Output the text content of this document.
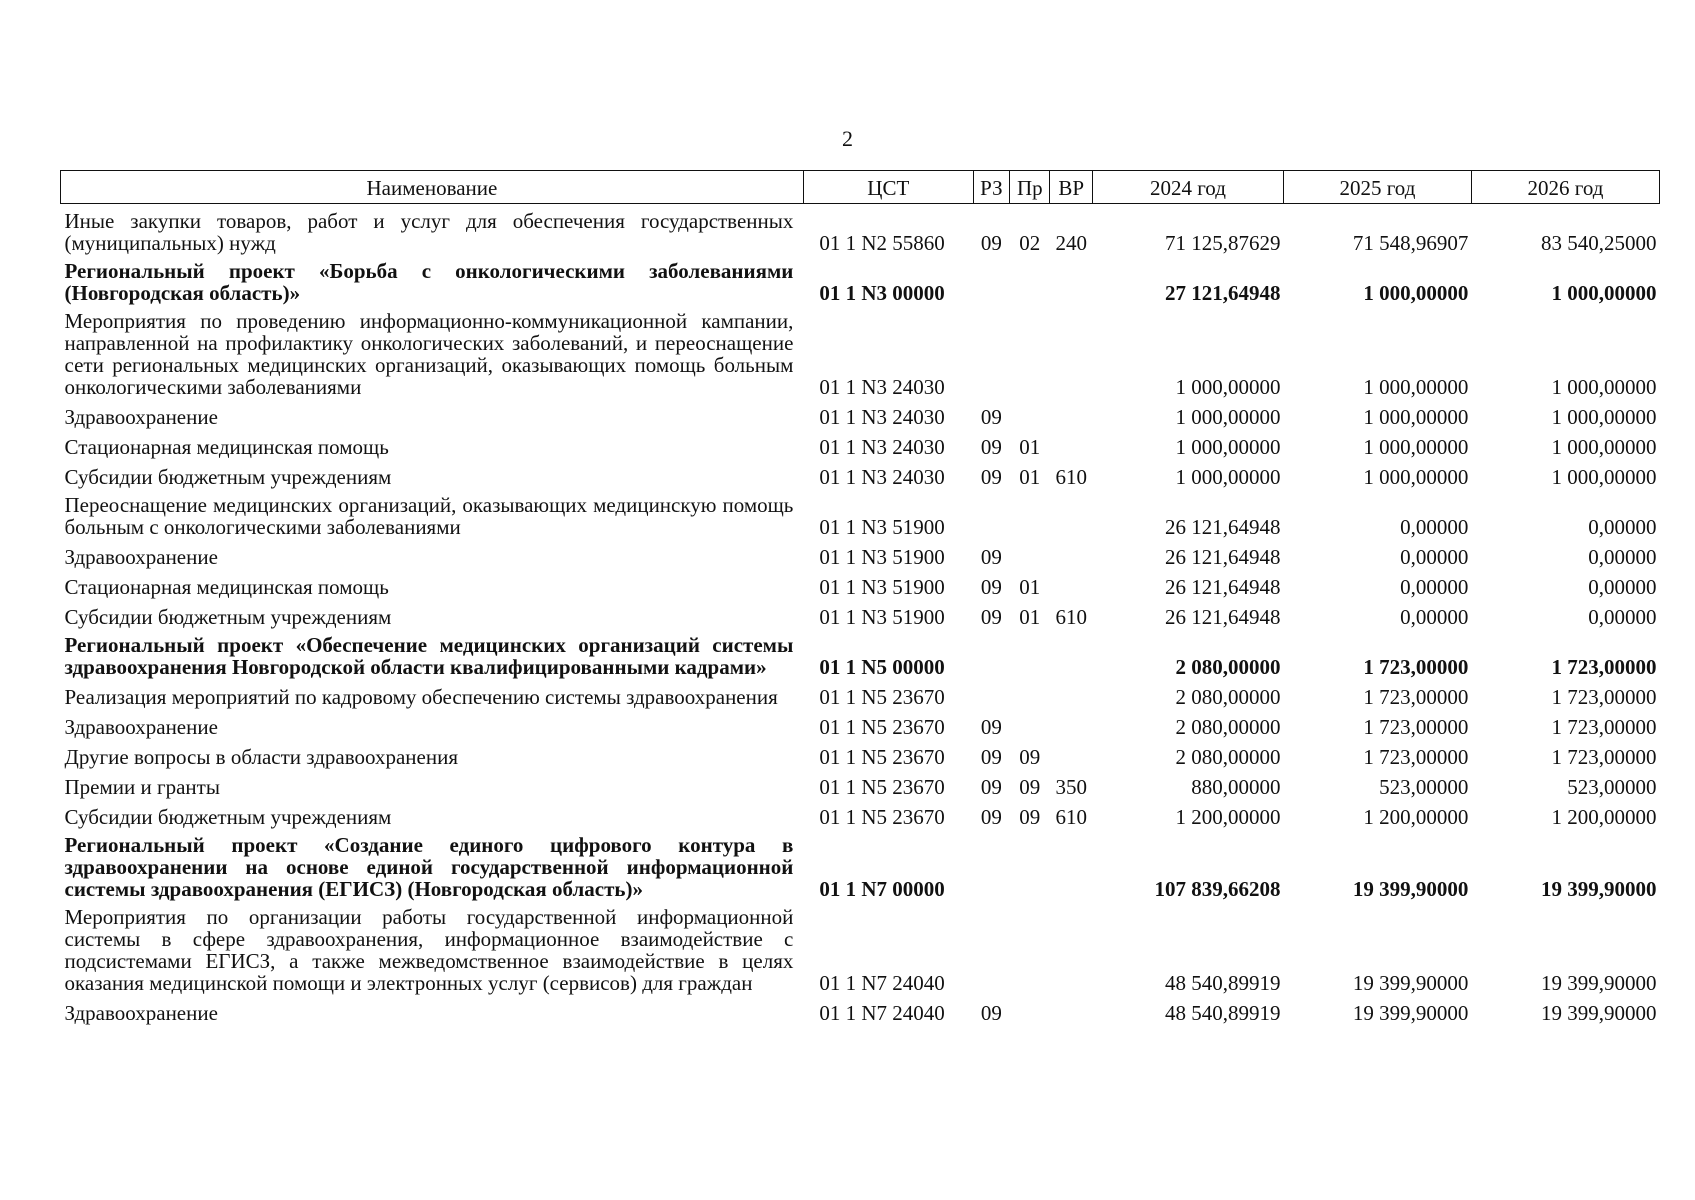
2
Наименование	ЦСТ	РЗ	Пр	ВР	2024 год	2025 год	2026 год
Иные закупки товаров, работ и услуг для обеспечения государственных (муниципальных) нужд	01 1 N2 55860	09	02	240	71 125,87629	71 548,96907	83 540,25000
Региональный проект «Борьба с онкологическими заболеваниями (Новгородская область)»	01 1 N3 00000				27 121,64948	1 000,00000	1 000,00000
Мероприятия по проведению информационно-коммуникационной кампании, направленной на профилактику онкологических заболеваний, и переоснащение сети региональных медицинских организаций, оказывающих помощь больным онкологическими заболеваниями	01 1 N3 24030				1 000,00000	1 000,00000	1 000,00000
Здравоохранение	01 1 N3 24030	09			1 000,00000	1 000,00000	1 000,00000
Стационарная медицинская помощь	01 1 N3 24030	09	01		1 000,00000	1 000,00000	1 000,00000
Субсидии бюджетным учреждениям	01 1 N3 24030	09	01	610	1 000,00000	1 000,00000	1 000,00000
Переоснащение медицинских организаций, оказывающих медицинскую помощь больным с онкологическими заболеваниями	01 1 N3 51900				26 121,64948	0,00000	0,00000
Здравоохранение	01 1 N3 51900	09			26 121,64948	0,00000	0,00000
Стационарная медицинская помощь	01 1 N3 51900	09	01		26 121,64948	0,00000	0,00000
Субсидии бюджетным учреждениям	01 1 N3 51900	09	01	610	26 121,64948	0,00000	0,00000
Региональный проект «Обеспечение медицинских организаций системы здравоохранения Новгородской области квалифицированными кадрами»	01 1 N5 00000				2 080,00000	1 723,00000	1 723,00000
Реализация мероприятий по кадровому обеспечению системы здравоохранения	01 1 N5 23670				2 080,00000	1 723,00000	1 723,00000
Здравоохранение	01 1 N5 23670	09			2 080,00000	1 723,00000	1 723,00000
Другие вопросы в области здравоохранения	01 1 N5 23670	09	09		2 080,00000	1 723,00000	1 723,00000
Премии и гранты	01 1 N5 23670	09	09	350	880,00000	523,00000	523,00000
Субсидии бюджетным учреждениям	01 1 N5 23670	09	09	610	1 200,00000	1 200,00000	1 200,00000
Региональный проект «Создание единого цифрового контура в здравоохранении на основе единой государственной информационной системы здравоохранения (ЕГИСЗ) (Новгородская область)»	01 1 N7 00000				107 839,66208	19 399,90000	19 399,90000
Мероприятия по организации работы государственной информационной системы в сфере здравоохранения, информационное взаимодействие с подсистемами ЕГИСЗ, а также межведомственное взаимодействие в целях оказания медицинской помощи и электронных услуг (сервисов) для граждан	01 1 N7 24040				48 540,89919	19 399,90000	19 399,90000
Здравоохранение	01 1 N7 24040	09			48 540,89919	19 399,90000	19 399,90000
